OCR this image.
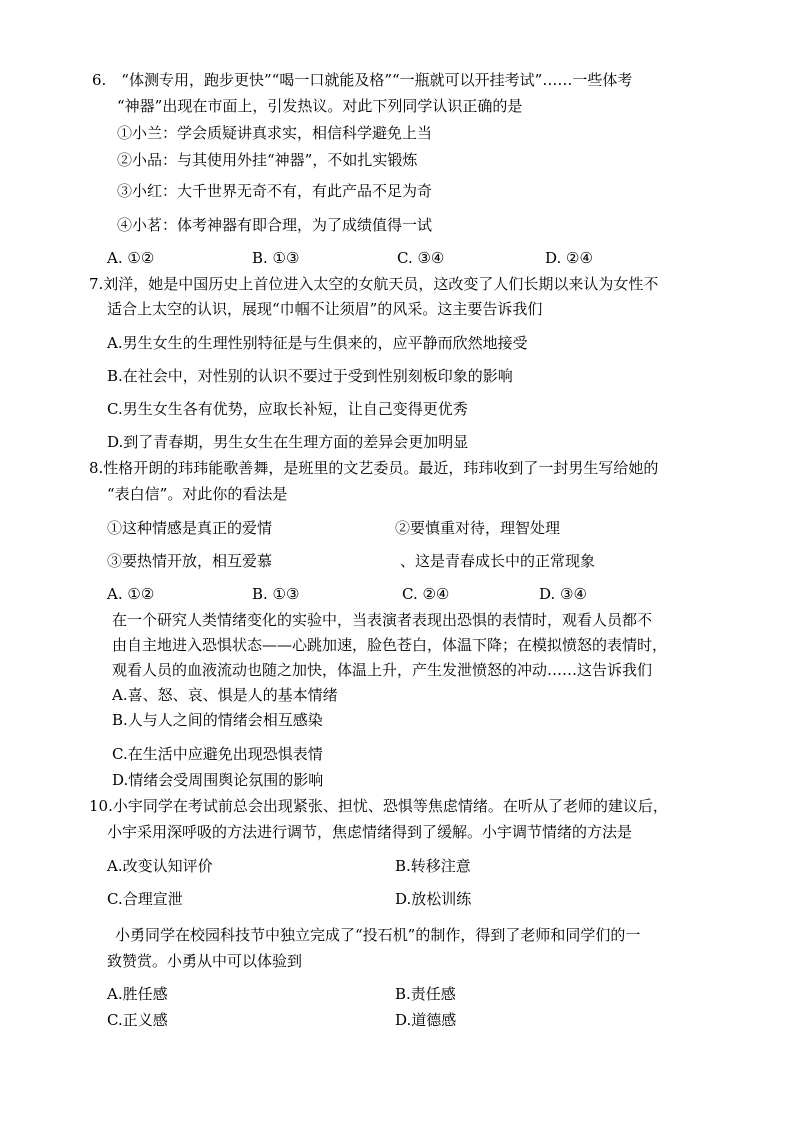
6.　“体测专用，跑步更快”“喝一口就能及格”“一瓶就可以开挂考试”……一些体考
“神器”出现在市面上，引发热议。对此下列同学认识正确的是
①小兰：学会质疑讲真求实，相信科学避免上当
②小品：与其使用外挂“神器”，不如扎实锻炼
③小红：大千世界无奇不有，有此产品不足为奇
④小茗：体考神器有即合理，为了成绩值得一试
A. ①②	B. ①③	C. ③④	D. ②④
7.刘洋，她是中国历史上首位进入太空的女航天员，这改变了人们长期以来认为女性不
适合上太空的认识，展现“巾帼不让须眉”的风采。这主要告诉我们
A.男生女生的生理性别特征是与生俱来的，应平静而欣然地接受
B.在社会中，对性别的认识不要过于受到性别刻板印象的影响
C.男生女生各有优势，应取长补短，让自己变得更优秀
D.到了青春期，男生女生在生理方面的差异会更加明显
8.性格开朗的玮玮能歌善舞，是班里的文艺委员。最近，玮玮收到了一封男生写给她的
“表白信”。对此你的看法是
①这种情感是真正的爱情	②要慎重对待，理智处理
③要热情开放，相互爱慕	、这是青春成长中的正常现象
A. ①②	B. ①③	C. ②④	D. ③④
在一个研究人类情绪变化的实验中，当表演者表现出恐惧的表情时，观看人员都不
由自主地进入恐惧状态——心跳加速，脸色苍白，体温下降；在模拟愤怒的表情时，
观看人员的血液流动也随之加快，体温上升，产生发泄愤怒的冲动……这告诉我们
A.喜、怒、哀、惧是人的基本情绪
B.人与人之间的情绪会相互感染
C.在生活中应避免出现恐惧表情
D.情绪会受周围舆论氛围的影响
10.小宇同学在考试前总会出现紧张、担忧、恐惧等焦虑情绪。在听从了老师的建议后，
小宇采用深呼吸的方法进行调节，焦虑情绪得到了缓解。小宇调节情绪的方法是
A.改变认知评价	B.转移注意
C.合理宣泄	D.放松训练
小勇同学在校园科技节中独立完成了“投石机”的制作，得到了老师和同学们的一
致赞赏。小勇从中可以体验到
A.胜任感	B.责任感
C.正义感	D.道德感
